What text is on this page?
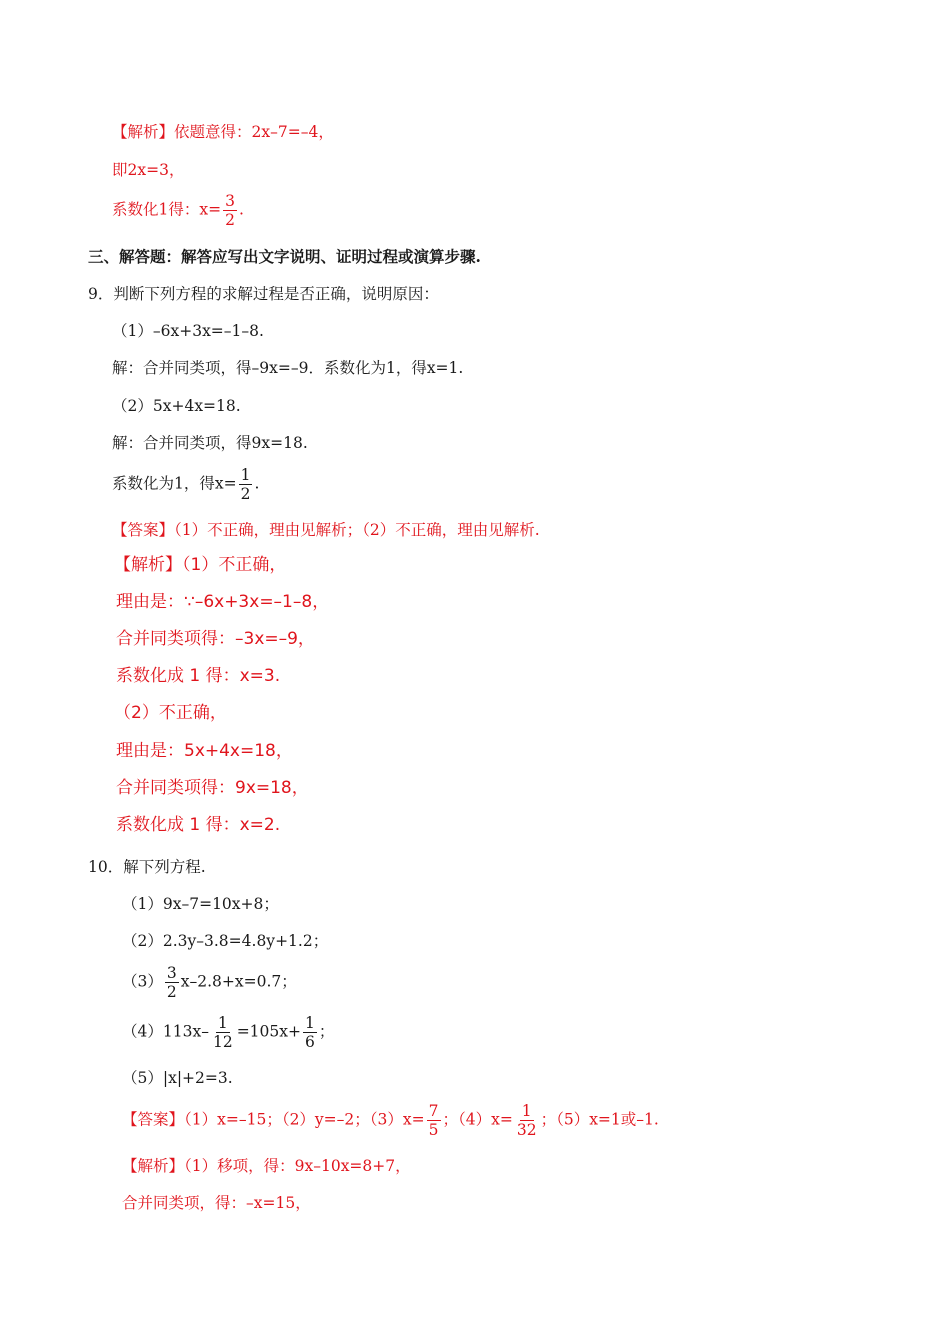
【解析】依题意得：2x–7=–4，
即2x=3，
系数化1得：$x= \frac{3}{2}$ .
三、解答题：解答应写出文字说明、证明过程或演算步骤.
9．判断下列方程的求解过程是否正确，说明原因：
（1）–6x+3x=–1–8.
解：合并同类项，得–9x=–9．系数化为1，得x=1.
（2）5x+4x=18.
解：合并同类项，得9x=18.
系数化为1，得$x= \frac{1}{2}$ .
【答案】（1）不正确，理由见解析；（2）不正确，理由见解析.
【解析】（1）不正确，
理由是：∵–6x+3x=–1–8，
合并同类项得：–3x=–9，
系数化成 1 得：x=3.
（2）不正确，
理由是：5x+4x=18，
合并同类项得：9x=18，
系数化成 1 得：x=2.
10．解下列方程.
（1）9x–7=10x+8；
（2）2.3y–3.8=4.8y+1.2；
$(3) \frac{3}{2} x-2.8+x=0.7$；
$(4)113x- \frac{1}{12} =105x+ \frac{1}{6}$ ；
（5）|x|+2=3.
【答案】（1）x=–15；（2）y=–2；$(3)x= \frac{7}{5}$ ；$(4)x= \frac{1}{32}$ ；（5）x=1或–1.
【解析】（1）移项，得：9x–10x=8+7，
合并同类项，得：–x=15，
